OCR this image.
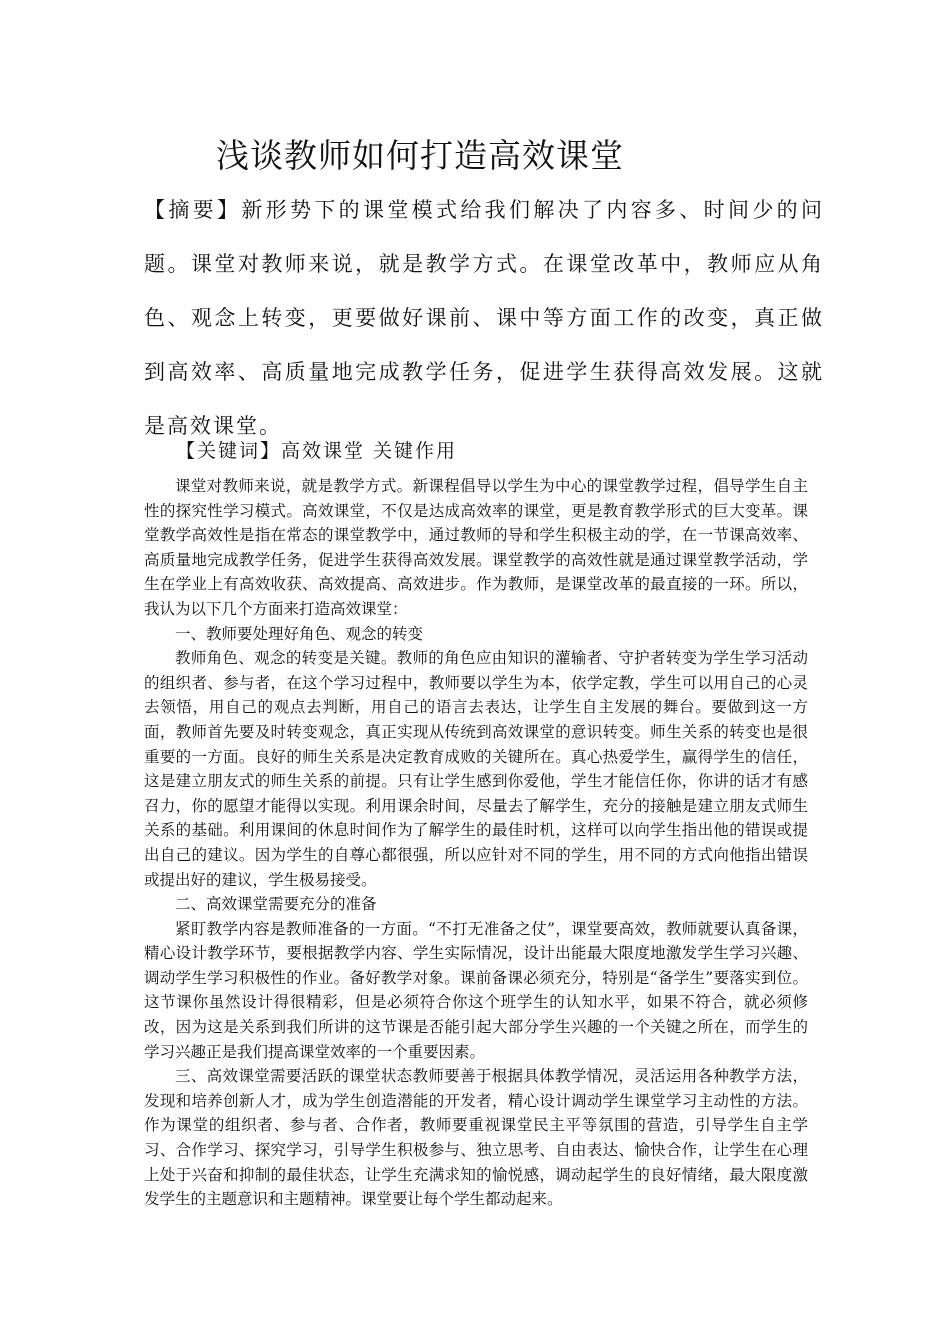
浅谈教师如何打造高效课堂

【摘要】新形势下的课堂模式给我们解决了内容多、时间少的问题。课堂对教师来说，就是教学方式。在课堂改革中，教师应从角色、观念上转变，更要做好课前、课中等方面工作的改变，真正做到高效率、高质量地完成教学任务，促进学生获得高效发展。这就是高效课堂。

【关键词】高效课堂 关键作用

课堂对教师来说，就是教学方式。新课程倡导以学生为中心的课堂教学过程，倡导学生自主性的探究性学习模式。高效课堂，不仅是达成高效率的课堂，更是教育教学形式的巨大变革。课堂教学高效性是指在常态的课堂教学中，通过教师的导和学生积极主动的学，在一节课高效率、高质量地完成教学任务，促进学生获得高效发展。课堂教学的高效性就是通过课堂教学活动，学生在学业上有高效收获、高效提高、高效进步。作为教师，是课堂改革的最直接的一环。所以，我认为以下几个方面来打造高效课堂：

一、教师要处理好角色、观念的转变

教师角色、观念的转变是关键。教师的角色应由知识的灌输者、守护者转变为学生学习活动的组织者、参与者，在这个学习过程中，教师要以学生为本，依学定教，学生可以用自己的心灵去领悟，用自己的观点去判断，用自己的语言去表达，让学生自主发展的舞台。要做到这一方面，教师首先要及时转变观念，真正实现从传统到高效课堂的意识转变。师生关系的转变也是很重要的一方面。良好的师生关系是决定教育成败的关键所在。真心热爱学生，赢得学生的信任，这是建立朋友式的师生关系的前提。只有让学生感到你爱他，学生才能信任你，你讲的话才有感召力，你的愿望才能得以实现。利用课余时间，尽量去了解学生，充分的接触是建立朋友式师生关系的基础。利用课间的休息时间作为了解学生的最佳时机，这样可以向学生指出他的错误或提出自己的建议。因为学生的自尊心都很强，所以应针对不同的学生，用不同的方式向他指出错误或提出好的建议，学生极易接受。

二、高效课堂需要充分的准备

紧盯教学内容是教师准备的一方面。“不打无准备之仗”，课堂要高效，教师就要认真备课，精心设计教学环节，要根据教学内容、学生实际情况，设计出能最大限度地激发学生学习兴趣、调动学生学习积极性的作业。备好教学对象。课前备课必须充分，特别是“备学生”要落实到位。这节课你虽然设计得很精彩，但是必须符合你这个班学生的认知水平，如果不符合，就必须修改，因为这是关系到我们所讲的这节课是否能引起大部分学生兴趣的一个关键之所在，而学生的学习兴趣正是我们提高课堂效率的一个重要因素。

三、高效课堂需要活跃的课堂状态教师要善于根据具体教学情况，灵活运用各种教学方法，发现和培养创新人才，成为学生创造潜能的开发者，精心设计调动学生课堂学习主动性的方法。作为课堂的组织者、参与者、合作者，教师要重视课堂民主平等氛围的营造，引导学生自主学习、合作学习、探究学习，引导学生积极参与、独立思考、自由表达、愉快合作，让学生在心理上处于兴奋和抑制的最佳状态，让学生充满求知的愉悦感，调动起学生的良好情绪，最大限度激发学生的主题意识和主题精神。课堂要让每个学生都动起来。
